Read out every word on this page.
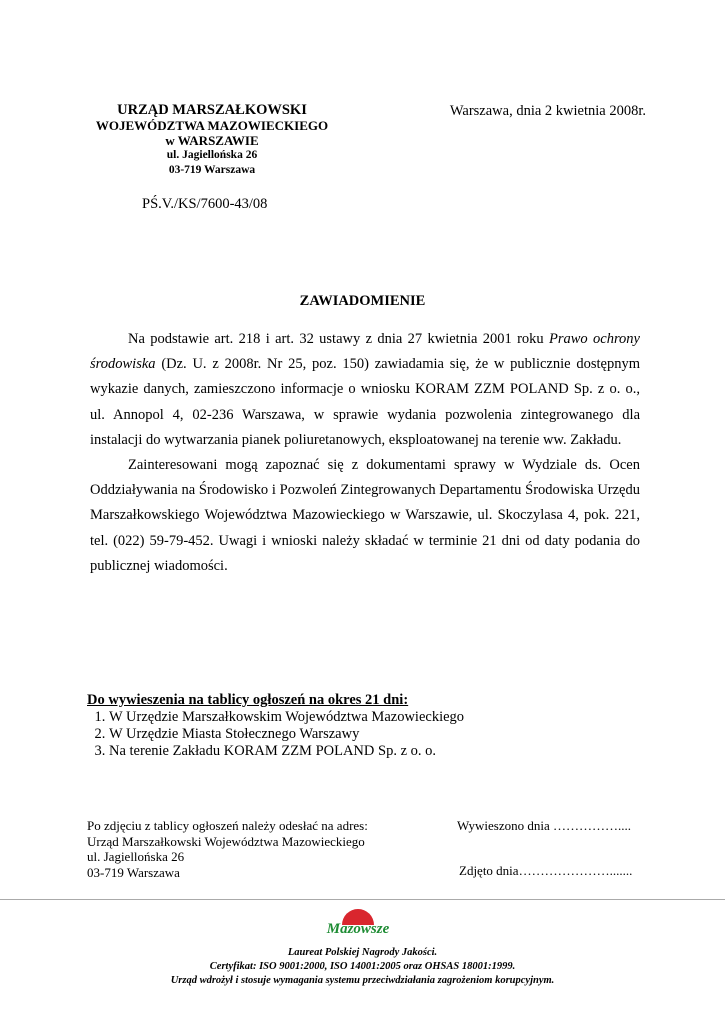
URZĄD MARSZAŁKOWSKI
WOJEWÓDZTWA MAZOWIECKIEGO
w WARSZAWIE
ul. Jagiellońska 26
03-719 Warszawa
Warszawa, dnia 2 kwietnia 2008r.
PŚ.V./KS/7600-43/08
ZAWIADOMIENIE

Na podstawie art. 218 i art. 32 ustawy z dnia 27 kwietnia 2001 roku Prawo ochrony środowiska (Dz. U. z 2008r. Nr 25, poz. 150) zawiadamia się, że w publicznie dostępnym wykazie danych, zamieszczono informacje o wniosku KORAM ZZM POLAND Sp. z o. o., ul. Annopol 4, 02-236 Warszawa, w sprawie wydania pozwolenia zintegrowanego dla instalacji do wytwarzania pianek poliuretanowych, eksploatowanej na terenie ww. Zakładu.

Zainteresowani mogą zapoznać się z dokumentami sprawy w Wydziale ds. Ocen Oddziaływania na Środowisko i Pozwoleń Zintegrowanych Departamentu Środowiska Urzędu Marszałkowskiego Województwa Mazowieckiego w Warszawie, ul. Skoczylasa 4, pok. 221, tel. (022) 59-79-452. Uwagi i wnioski należy składać w terminie 21 dni od daty podania do publicznej wiadomości.

Do wywieszenia na tablicy ogłoszeń na okres 21 dni:
1. W Urzędzie Marszałkowskim Województwa Mazowieckiego
2. W Urzędzie Miasta Stołecznego Warszawy
3. Na terenie Zakładu KORAM ZZM POLAND Sp. z o. o.
Po zdjęciu z tablicy ogłoszeń należy odesłać na adres:
Urząd Marszałkowski Województwa Mazowieckiego
ul. Jagiellońska 26
03-719 Warszawa
Wywieszono dnia ……………....
Zdjęto dnia………………….......
Mazowsze
Laureat Polskiej Nagrody Jakości.
Certyfikat: ISO 9001:2000, ISO 14001:2005 oraz OHSAS 18001:1999.
Urząd wdrożył i stosuje wymagania systemu przeciwdziałania zagrożeniom korupcyjnym.
